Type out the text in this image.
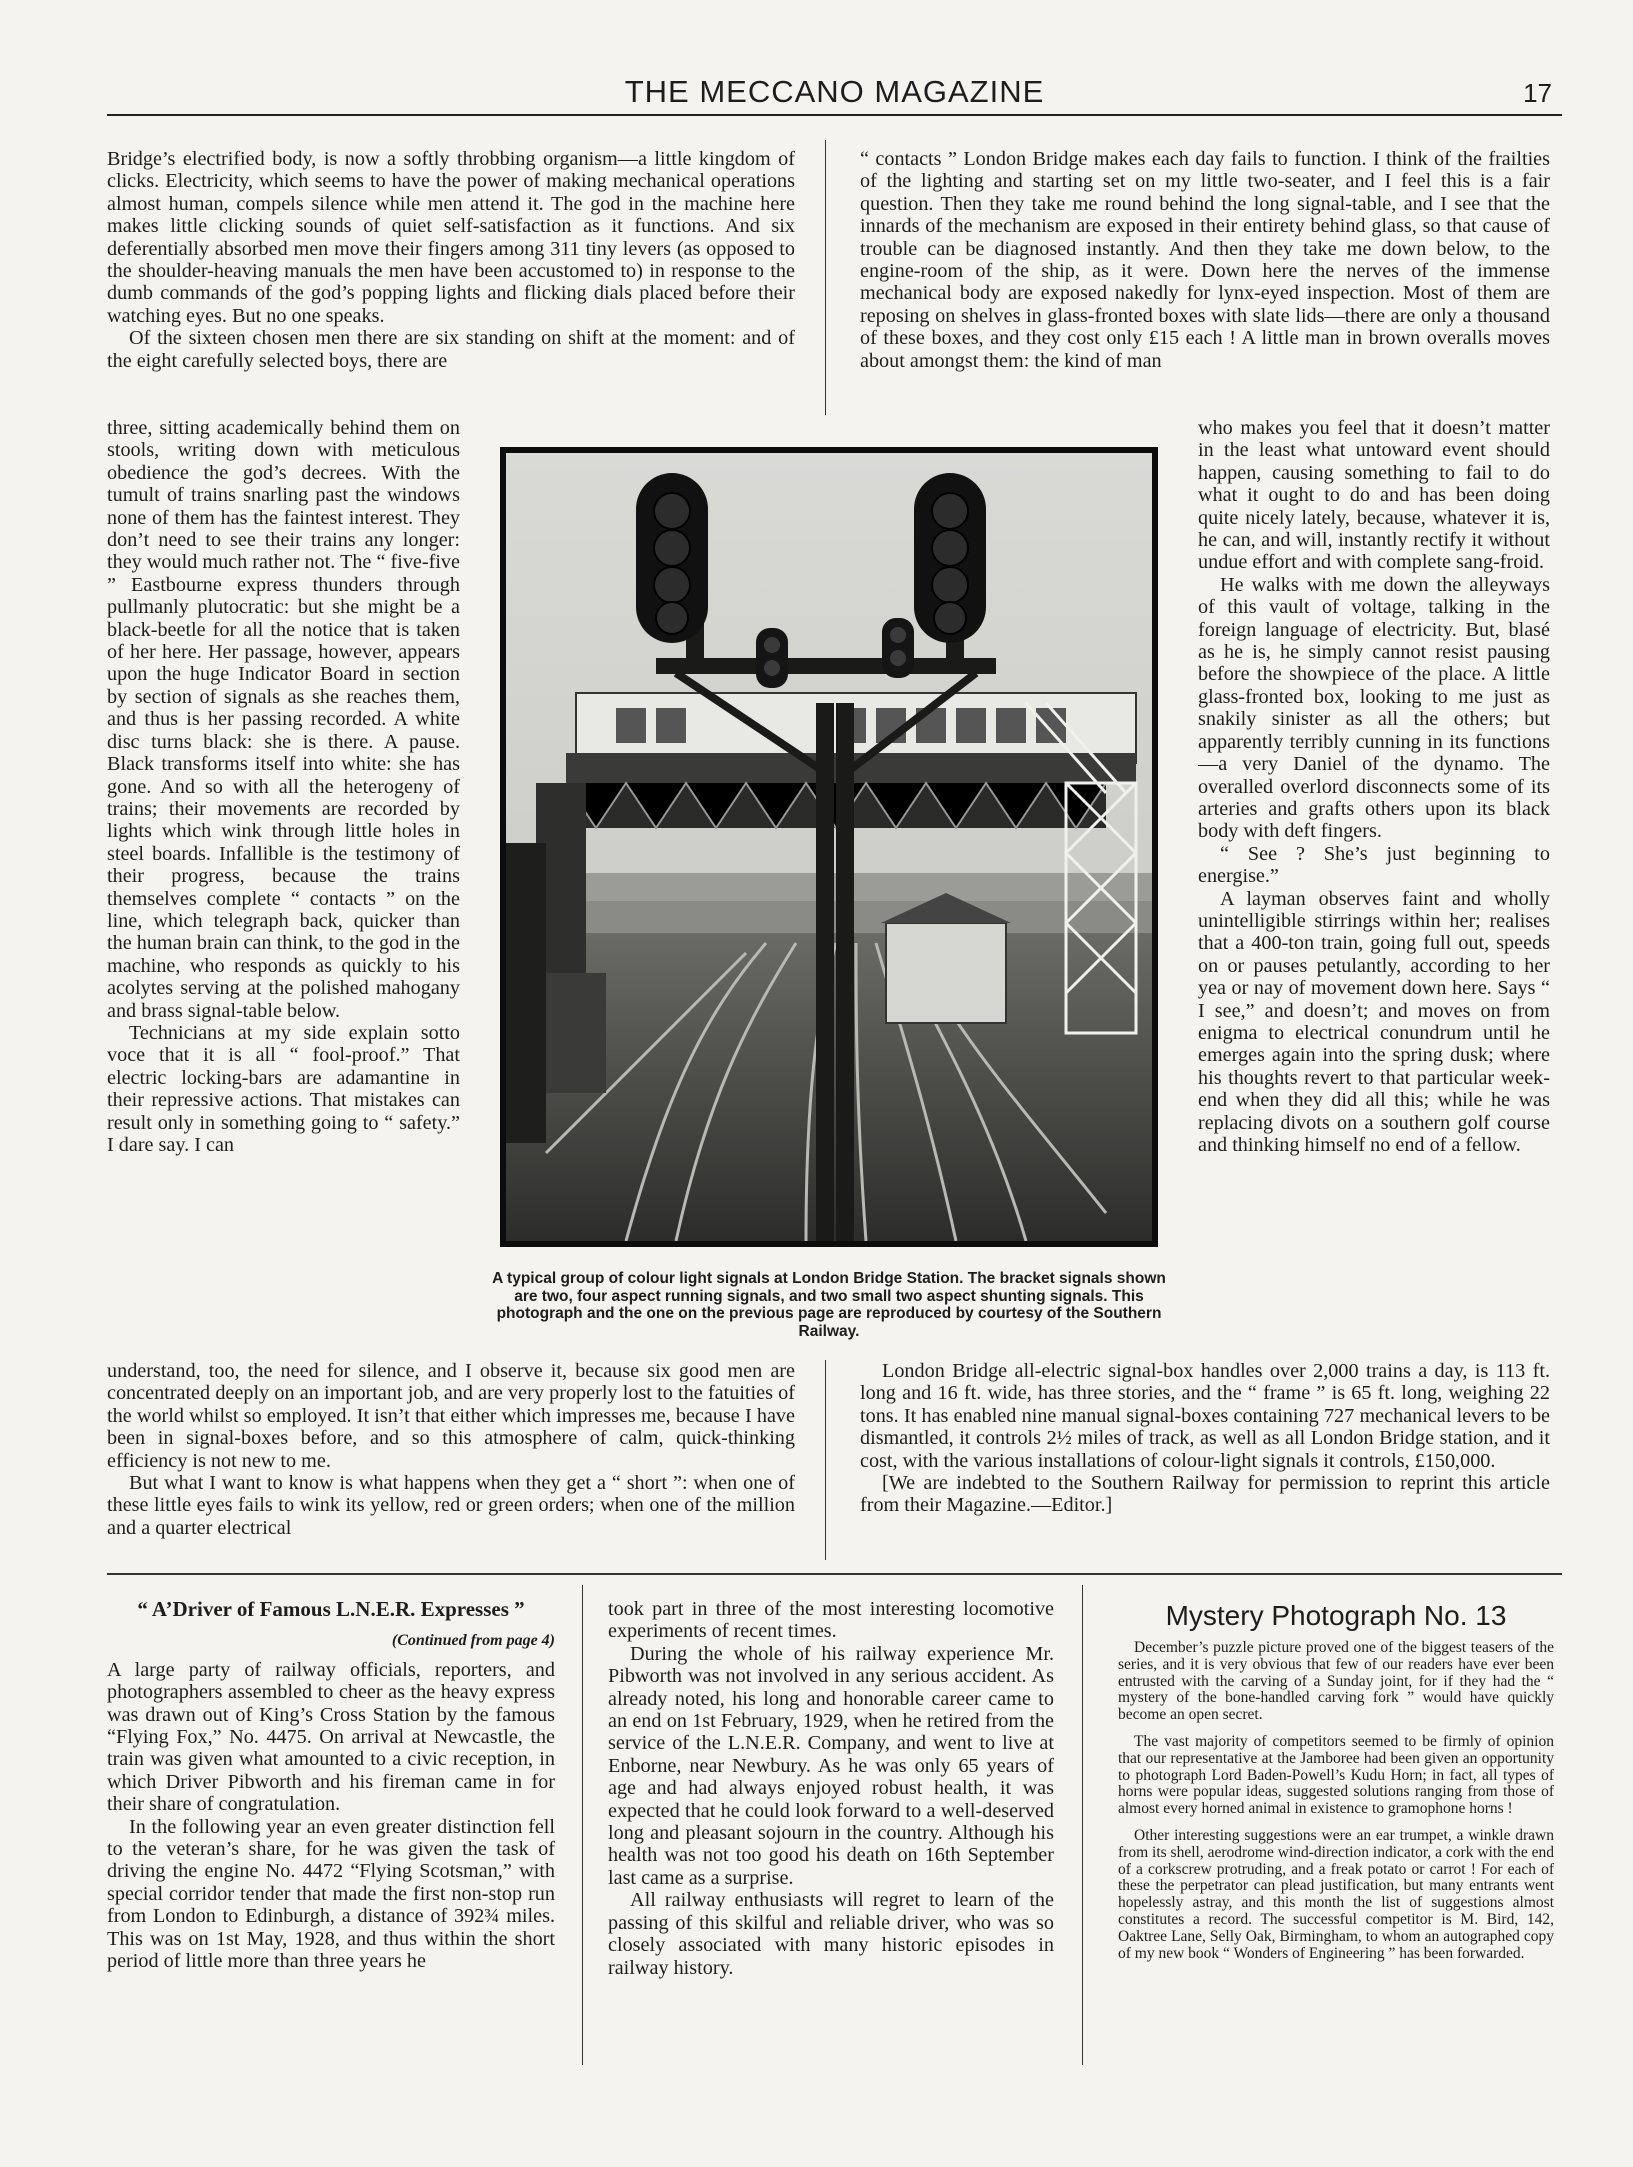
THE MECCANO MAGAZINE	17

Bridge’s electrified body, is now a softly throbbing organism—a little kingdom of clicks. Electricity, which seems to have the power of making mechanical operations almost human, compels silence while men attend it. The god in the machine here makes little clicking sounds of quiet self-satisfaction as it functions. And six deferentially absorbed men move their fingers among 311 tiny levers (as opposed to the shoulder-heaving manuals the men have been accustomed to) in response to the dumb commands of the god’s popping lights and flicking dials placed before their watching eyes. But no one speaks.

Of the sixteen chosen men there are six standing on shift at the moment: and of the eight carefully selected boys, there are

three, sitting academically behind them on stools, writing down with meticulous obedience the god’s decrees. With the tumult of trains snarling past the windows none of them has the faintest interest. They don’t need to see their trains any longer: they would much rather not. The “ five-five ” Eastbourne express thunders through pullmanly plutocratic: but she might be a black-beetle for all the notice that is taken of her here. Her passage, however, appears upon the huge Indicator Board in section by section of signals as she reaches them, and thus is her passing recorded. A white disc turns black: she is there. A pause. Black transforms itself into white: she has gone. And so with all the heterogeny of trains; their movements are recorded by lights which wink through little holes in steel boards. Infallible is the testimony of their progress, because the trains themselves complete “ contacts ” on the line, which telegraph back, quicker than the human brain can think, to the god in the machine, who responds as quickly to his acolytes serving at the polished mahogany and brass signal-table below.

Technicians at my side explain sotto voce that it is all “ fool-proof.” That electric locking-bars are adamantine in their repressive actions. That mistakes can result only in something going to “ safety.” I dare say. I can

understand, too, the need for silence, and I observe it, because six good men are concentrated deeply on an important job, and are very properly lost to the fatuities of the world whilst so employed. It isn’t that either which impresses me, because I have been in signal-boxes before, and so this atmosphere of calm, quick-thinking efficiency is not new to me.

But what I want to know is what happens when they get a “ short ”: when one of these little eyes fails to wink its yellow, red or green orders; when one of the million and a quarter electrical

“ contacts ” London Bridge makes each day fails to function. I think of the frailties of the lighting and starting set on my little two-seater, and I feel this is a fair question. Then they take me round behind the long signal-table, and I see that the innards of the mechanism are exposed in their entirety behind glass, so that cause of trouble can be diagnosed instantly. And then they take me down below, to the engine-room of the ship, as it were. Down here the nerves of the immense mechanical body are exposed nakedly for lynx-eyed inspection. Most of them are reposing on shelves in glass-fronted boxes with slate lids—there are only a thousand of these boxes, and they cost only £15 each ! A little man in brown overalls moves about amongst them: the kind of man

who makes you feel that it doesn’t matter in the least what untoward event should happen, causing something to fail to do what it ought to do and has been doing quite nicely lately, because, whatever it is, he can, and will, instantly rectify it without undue effort and with complete sang-froid.

He walks with me down the alleyways of this vault of voltage, talking in the foreign language of electricity. But, blasé as he is, he simply cannot resist pausing before the showpiece of the place. A little glass-fronted box, looking to me just as snakily sinister as all the others; but apparently terribly cunning in its functions—a very Daniel of the dynamo. The overalled overlord disconnects some of its arteries and grafts others upon its black body with deft fingers.

“ See ? She’s just beginning to energise.”

A layman observes faint and wholly unintelligible stirrings within her; realises that a 400-ton train, going full out, speeds on or pauses petulantly, according to her yea or nay of movement down here. Says “ I see,” and doesn’t; and moves on from enigma to electrical conundrum until he emerges again into the spring dusk; where his thoughts revert to that particular week-end when they did all this; while he was replacing divots on a southern golf course and thinking himself no end of a fellow.

London Bridge all-electric signal-box handles over 2,000 trains a day, is 113 ft. long and 16 ft. wide, has three stories, and the “ frame ” is 65 ft. long, weighing 22 tons. It has enabled nine manual signal-boxes containing 727 mechanical levers to be dismantled, it controls 2½ miles of track, as well as all London Bridge station, and it cost, with the various installations of colour-light signals it controls, £150,000.

[We are indebted to the Southern Railway for permission to reprint this article from their Magazine.—Editor.]

A typical group of colour light signals at London Bridge Station. The bracket signals shown are two, four aspect running signals, and two small two aspect shunting signals. This photograph and the one on the previous page are reproduced by courtesy of the Southern Railway.
“ A’Driver of Famous L.N.E.R. Expresses ”
(Continued from page 4)

A large party of railway officials, reporters, and photographers assembled to cheer as the heavy express was drawn out of King’s Cross Station by the famous “Flying Fox,” No. 4475. On arrival at Newcastle, the train was given what amounted to a civic reception, in which Driver Pibworth and his fireman came in for their share of congratulation.

In the following year an even greater distinction fell to the veteran’s share, for he was given the task of driving the engine No. 4472 “Flying Scotsman,” with special corridor tender that made the first non-stop run from London to Edinburgh, a distance of 392¾ miles. This was on 1st May, 1928, and thus within the short period of little more than three years he

took part in three of the most interesting locomotive experiments of recent times.

During the whole of his railway experience Mr. Pibworth was not involved in any serious accident. As already noted, his long and honorable career came to an end on 1st February, 1929, when he retired from the service of the L.N.E.R. Company, and went to live at Enborne, near Newbury. As he was only 65 years of age and had always enjoyed robust health, it was expected that he could look forward to a well-deserved long and pleasant sojourn in the country. Although his health was not too good his death on 16th September last came as a surprise.

All railway enthusiasts will regret to learn of the passing of this skilful and reliable driver, who was so closely associated with many historic episodes in railway history.

Mystery Photograph No. 13

December’s puzzle picture proved one of the biggest teasers of the series, and it is very obvious that few of our readers have ever been entrusted with the carving of a Sunday joint, for if they had the “ mystery of the bone-handled carving fork ” would have quickly become an open secret.

The vast majority of competitors seemed to be firmly of opinion that our representative at the Jamboree had been given an opportunity to photograph Lord Baden-Powell’s Kudu Horn; in fact, all types of horns were popular ideas, suggested solutions ranging from those of almost every horned animal in existence to gramophone horns !

Other interesting suggestions were an ear trumpet, a winkle drawn from its shell, aerodrome wind-direction indicator, a cork with the end of a corkscrew protruding, and a freak potato or carrot ! For each of these the perpetrator can plead justification, but many entrants went hopelessly astray, and this month the list of suggestions almost constitutes a record. The successful competitor is M. Bird, 142, Oaktree Lane, Selly Oak, Birmingham, to whom an autographed copy of my new book “ Wonders of Engineering ” has been forwarded.
